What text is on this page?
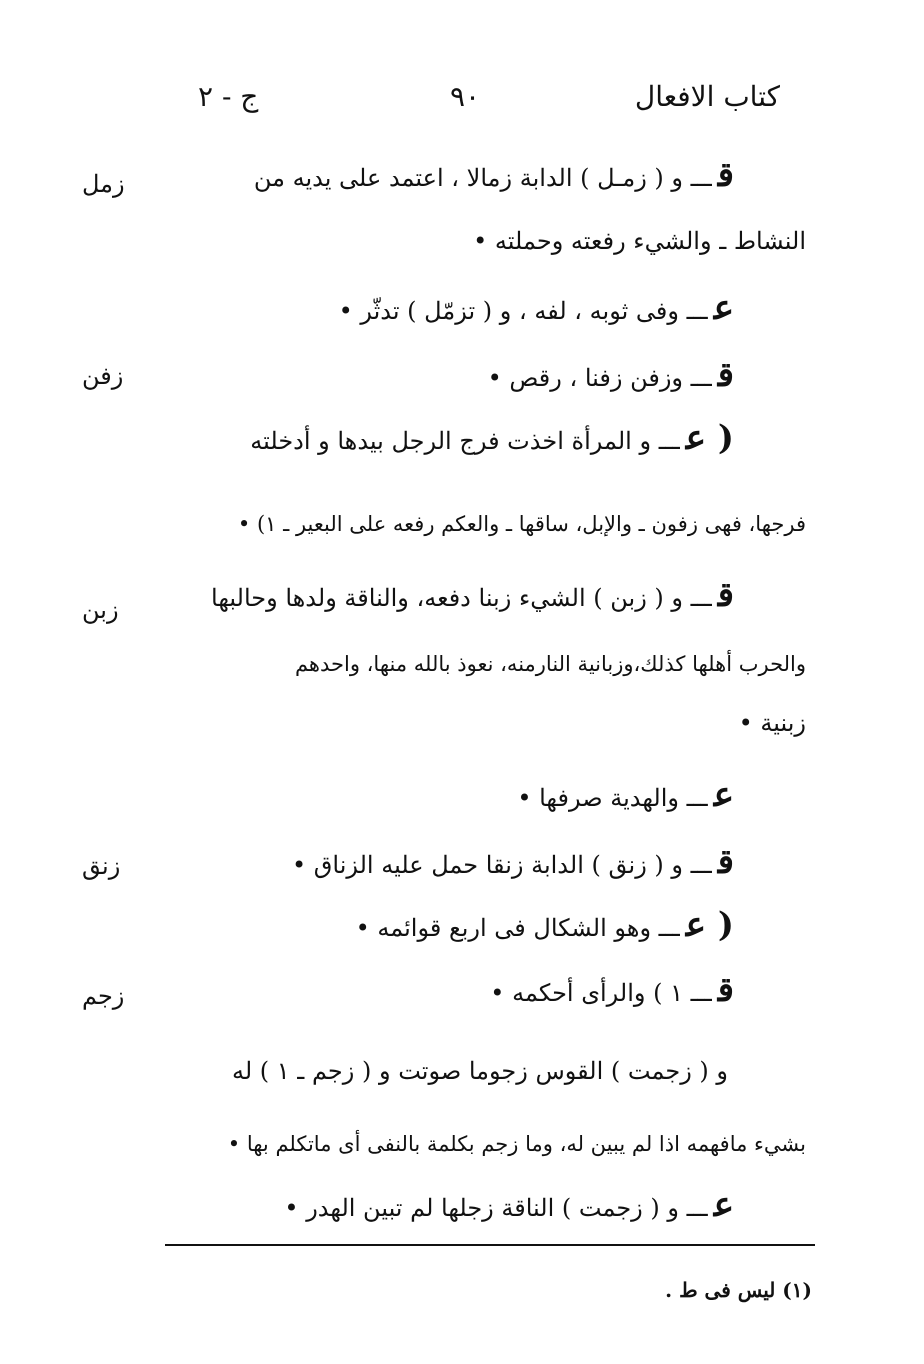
كتاب الافعال
٩٠
ج - ٢
زمل
زفن
زبن
زنق
زجم
قـــ و ( زمـل ) الدابة زمالا ، اعتمد على يديه من
النشاط ـ والشيء رفعته وحملته •
عـــ وفى ثوبه ، لفه ، و ( تزمّل ) تدثّر •
قـــ وزفن زفنا ، رقص •
( عـــ و المرأة اخذت فرج الرجل بيدها و أدخلته
فرجها، فهى زفون ـ والإبل، ساقها ـ والعكم رفعه على البعير ـ ١) •
قـــ و ( زبن ) الشيء زبنا دفعه، والناقة ولدها وحالبها
والحرب أهلها كذلك،وزبانية النارمنه، نعوذ بالله منها، واحدهم
زبنية •
عـــ والهدية صرفها •
قـــ و ( زنق ) الدابة زنقا حمل عليه الزناق •
( عـــ وهو الشكال فى اربع قوائمه •
قـــ ١ ) والرأى أحكمه •
و ( زجمت ) القوس زجوما صوتت و ( زجم ـ ١ ) له
بشيء مافهمه اذا لم يبين له، وما زجم بكلمة بالنفى أى ماتكلم بها •
عـــ و ( زجمت ) الناقة زجلها لم تبين الهدر •
(١) ليس فى ط .
